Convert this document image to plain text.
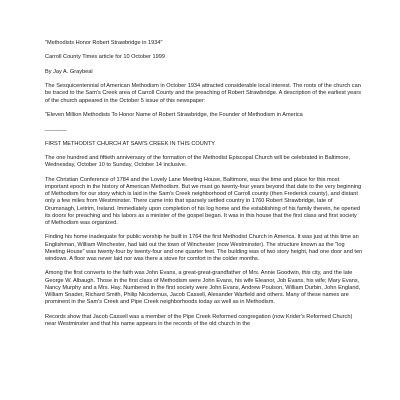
"Methodists Honor Robert Strawbridge in 1934"

Carroll County Times article for 10 October 1999

By Jay A. Graybeal

The Sesquicentennial of American Methodism in October 1934 attracted considerable local interest. The roots of the church can be traced to the Sam's Creek area of Carroll County and the preaching of Robert Strawbridge. A description of the earliest years of the church appeared in the October 5 issue of this newspaper:

"Eleven Million Methodists To Honor Name of Robert Strawbridge, the Founder of Methodism in America

_______

FIRST METHODIST CHURCH AT SAM'S CREEK IN THIS COUNTY

The one hundred and fiftieth anniversary of the formation of the Methodist Episcopal Church will be celebrated in Baltimore, Wednesday, October 10 to Sunday, October 14 inclusive.

The Christian Conference of 1784 and the Lovely Lane Meeting House, Baltimore, was the time and place for this most important epoch in the history of American Methodism. But we must go twenty-four years beyond that date to the very beginning of Methodism for our story which is laid in the Sam's Creek neighborhood of Carroll county (then Frederick county), and distant only a few miles from Westminster. There came into that sparsely settled country in 1760 Robert Strawbridge, late of Drumsnagh, Leitrim, Ireland. Immediately upon completion of his log home and the establishing of his family therein, he opened its doors for preaching and his labors as a minister of the gospel began. It was in this house that the first class and first society of Methodism was organized.

Finding his home inadequate for public worship he built in 1764 the first Methodist Church in America. It was just at this time an Englishman, William Winchester, had laid out the town of Winchester (now Westminster). The structure known as the "log Meeting House" was twenty-four by twenty-four and one quarter feet. The building was of two story height, had one door and ten windows. A floor was never laid nor was there a stove for comfort in the colder months.

Among the first converts to the faith was John Evans, a great-great-grandfather of Mrs. Annie Goodwin, this city, and the late George W. Albaugh. Those in the first class of Methodism were John Evans, his wife Eleanor, Job Evans, his wife; Mary Evans, Nancy Murphy and a Mrs. Hay. Numbered in the first society were John Evans, Andrew Poulson, William Durbin, John England, William Snader, Richard Smith, Philip Nicodemus, Jacob Cassell, Alexander Warfield and others. Many of these names are prominent in the Sam's Creek and Pipe Creek neighborhoods today as well as in Methodism.

Records show that Jacob Cassell was a member of the Pipe Creek Reformed congregation (now Krider's Reformed Church) near Westminster and that his name appears in the records of the old church in the
